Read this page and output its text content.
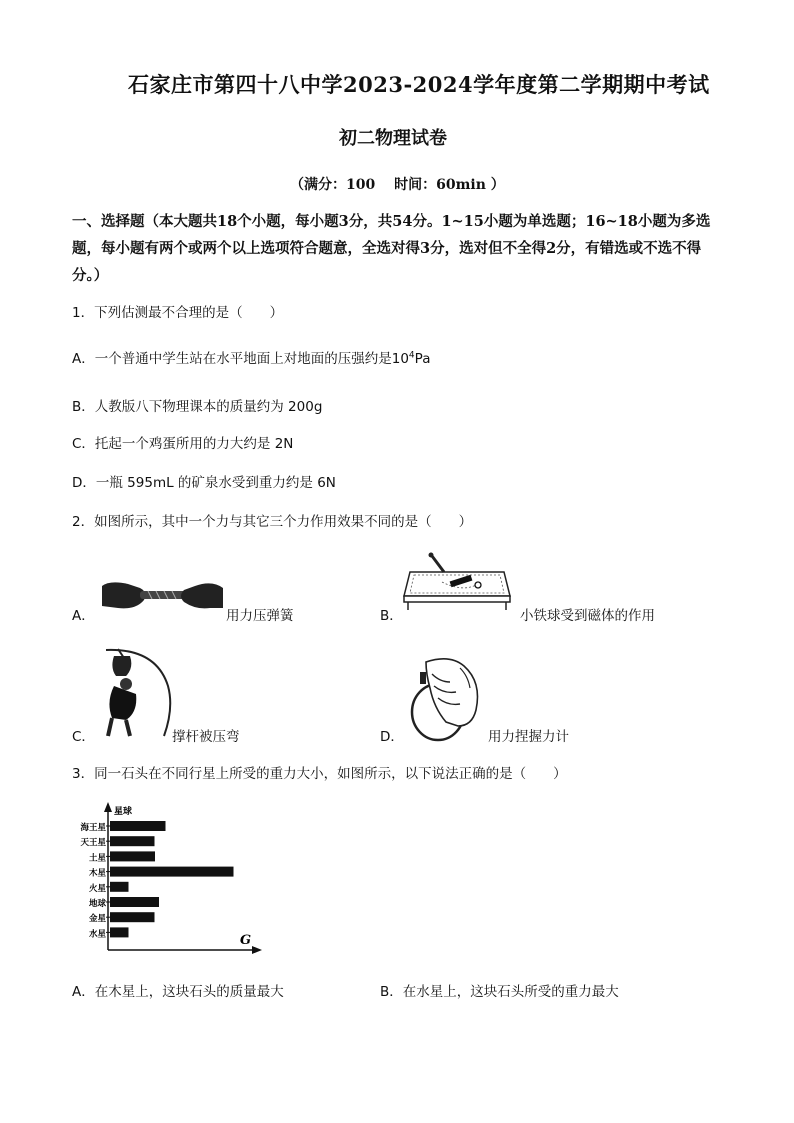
石家庄市第四十八中学2023-2024学年度第二学期期中考试
初二物理试卷
（满分：100　 时间：60min ）
一、选择题（本大题共18个小题，每小题3分，共54分。1~15小题为单选题；16~18小题为多选题，每小题有两个或两个以上选项符合题意，全选对得3分，选对但不全得2分，有错选或不选不得分。）
1．下列估测最不合理的是（　　）
A．一个普通中学生站在水平地面上对地面的压强约是$10^4Pa$
B．人教版八下物理课本的质量约为 200g
C．托起一个鸡蛋所用的力大约是 2N
D．一瓶 595mL 的矿泉水受到重力约是 6N
2．如图所示，其中一个力与其它三个力作用效果不同的是（　　）
A．	用力压弹簧	B．	小铁球受到磁体的作用
C．	撑杆被压弯	D．	用力捏握力计
3．同一石头在不同行星上所受的重力大小，如图所示，以下说法正确的是（　　）
星球
G
海王星
天王星
土星
木星
火星
地球
金星
水星
A．在木星上，这块石头的质量最大	B．在水星上，这块石头所受的重力最大
